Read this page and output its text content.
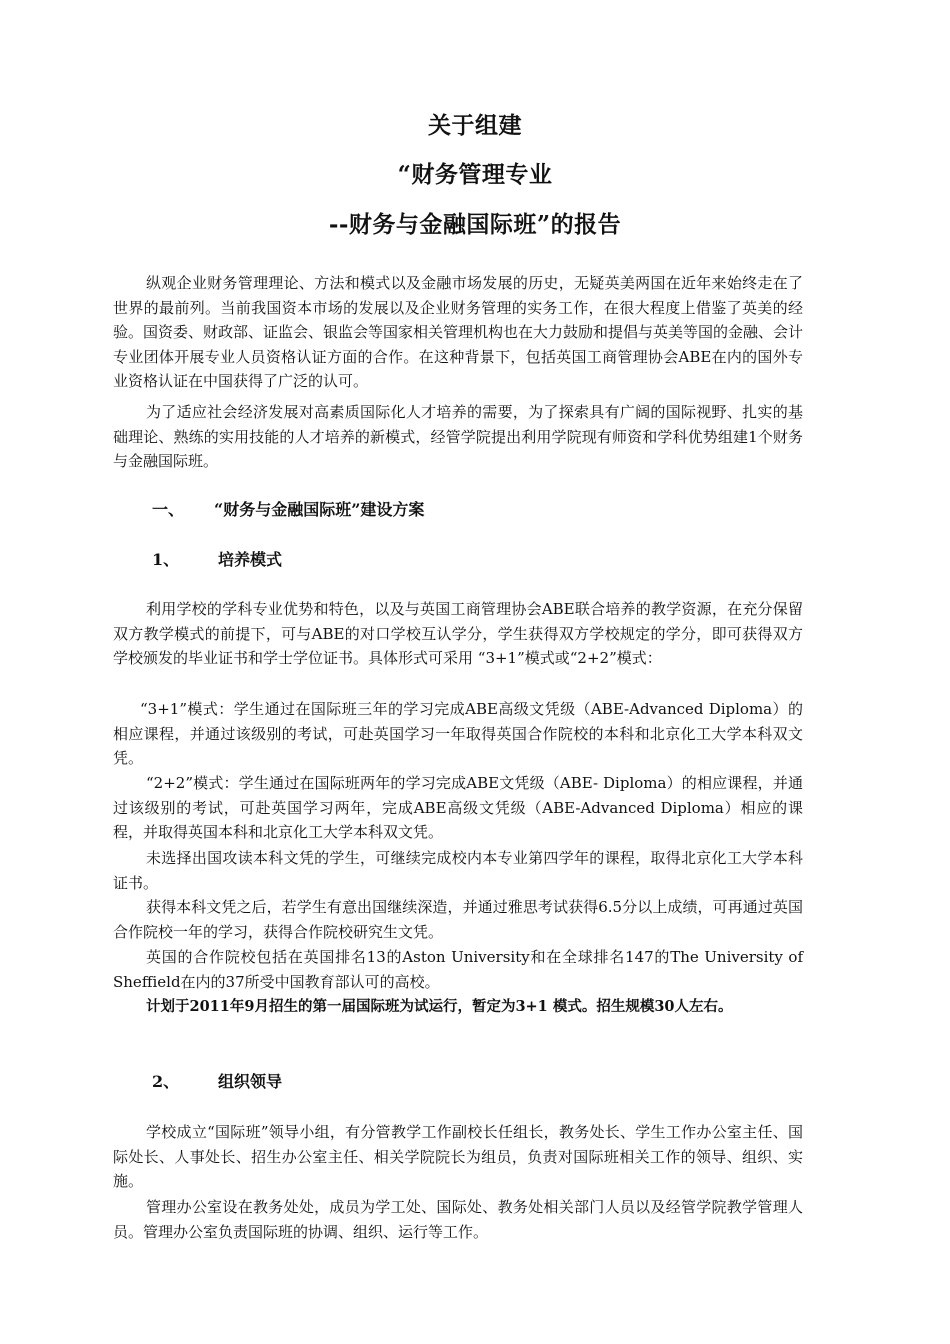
关于组建
“财务管理专业
--财务与金融国际班”的报告

纵观企业财务管理理论、方法和模式以及金融市场发展的历史，无疑英美两国在近年来始终走在了世界的最前列。当前我国资本市场的发展以及企业财务管理的实务工作，在很大程度上借鉴了英美的经验。国资委、财政部、证监会、银监会等国家相关管理机构也在大力鼓励和提倡与英美等国的金融、会计专业团体开展专业人员资格认证方面的合作。在这种背景下，包括英国工商管理协会ABE在内的国外专业资格认证在中国获得了广泛的认可。

为了适应社会经济发展对高素质国际化人才培养的需要，为了探索具有广阔的国际视野、扎实的基础理论、熟练的实用技能的人才培养的新模式，经管学院提出利用学院现有师资和学科优势组建1个财务与金融国际班。

一、 “财务与金融国际班”建设方案
1、 培养模式

利用学校的学科专业优势和特色，以及与英国工商管理协会ABE联合培养的教学资源，在充分保留双方教学模式的前提下，可与ABE的对口学校互认学分，学生获得双方学校规定的学分，即可获得双方学校颁发的毕业证书和学士学位证书。具体形式可采用 “3+1”模式或“2+2”模式：

“3+1”模式：学生通过在国际班三年的学习完成ABE高级文凭级（ABE-Advanced Diploma）的相应课程，并通过该级别的考试，可赴英国学习一年取得英国合作院校的本科和北京化工大学本科双文凭。

“2+2”模式：学生通过在国际班两年的学习完成ABE文凭级（ABE- Diploma）的相应课程，并通过该级别的考试，可赴英国学习两年，完成ABE高级文凭级（ABE-Advanced Diploma）相应的课程，并取得英国本科和北京化工大学本科双文凭。

未选择出国攻读本科文凭的学生，可继续完成校内本专业第四学年的课程，取得北京化工大学本科证书。

获得本科文凭之后，若学生有意出国继续深造，并通过雅思考试获得6.5分以上成绩，可再通过英国合作院校一年的学习，获得合作院校研究生文凭。

英国的合作院校包括在英国排名13的Aston University和在全球排名147的The University of Sheffield在内的37所受中国教育部认可的高校。

计划于2011年9月招生的第一届国际班为试运行，暂定为3+1 模式。招生规模30人左右。

2、 组织领导

学校成立“国际班”领导小组，有分管教学工作副校长任组长，教务处长、学生工作办公室主任、国际处长、人事处长、招生办公室主任、相关学院院长为组员，负责对国际班相关工作的领导、组织、实施。

管理办公室设在教务处处，成员为学工处、国际处、教务处相关部门人员以及经管学院教学管理人员。管理办公室负责国际班的协调、组织、运行等工作。
